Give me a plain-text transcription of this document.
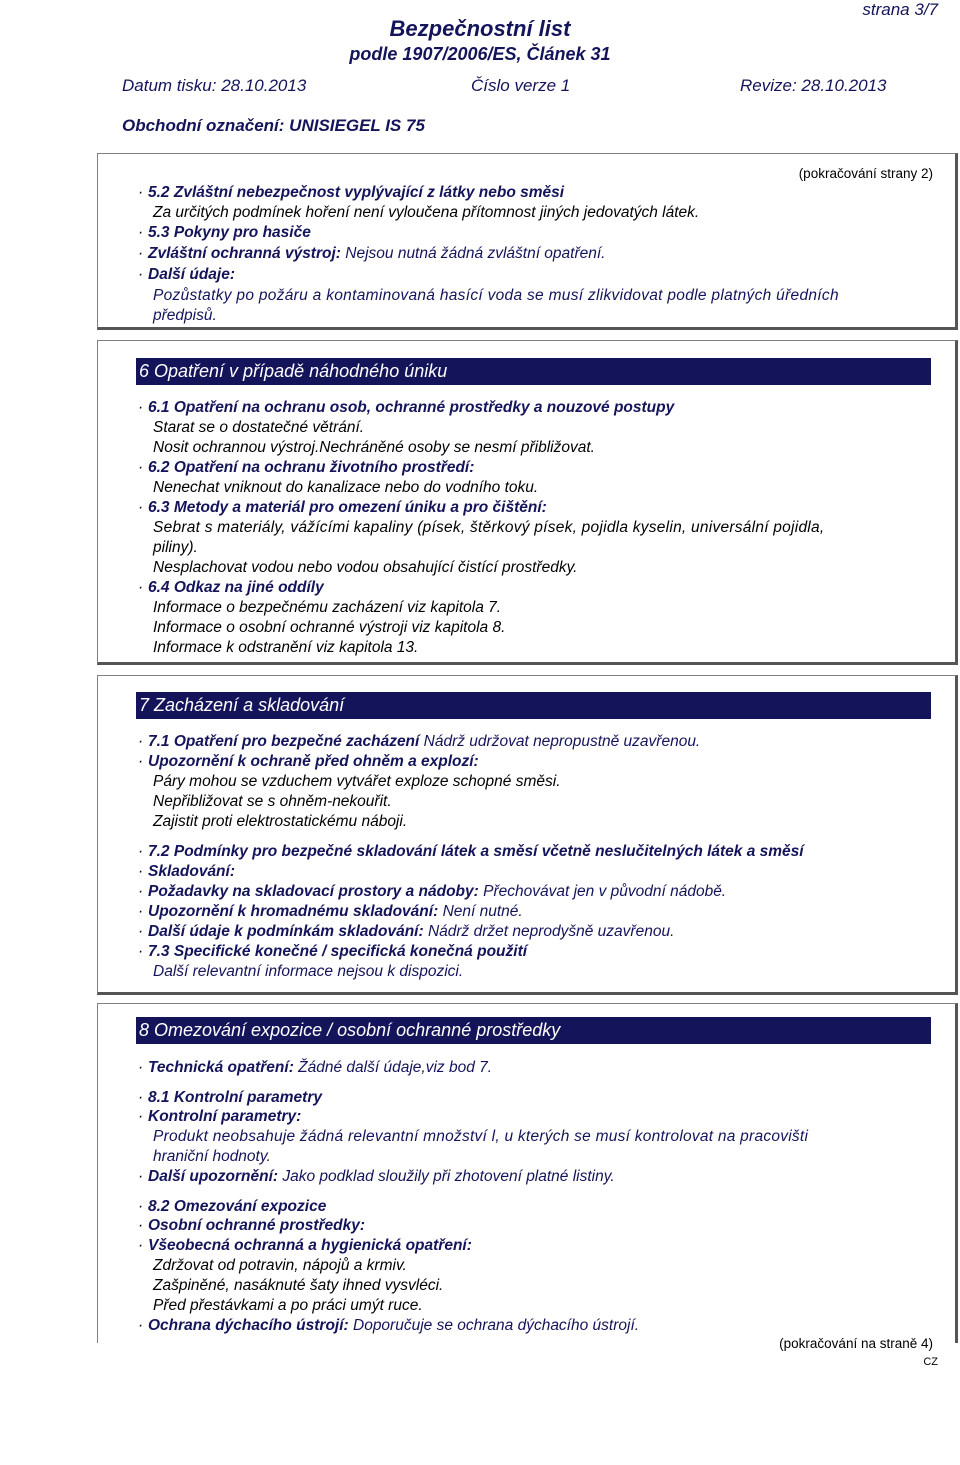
strana 3/7
Bezpečnostní list
podle 1907/2006/ES, Článek 31
Datum tisku: 28.10.2013	Číslo verze 1	Revize: 28.10.2013
Obchodní označení: UNISIEGEL IS 75
(pokračování strany 2)
· 5.2 Zvláštní nebezpečnost vyplývající z látky nebo směsi
Za určitých podmínek hoření není vyloučena přítomnost jiných jedovatých látek.
· 5.3 Pokyny pro hasiče
· Zvláštní ochranná výstroj: Nejsou nutná žádná zvláštní opatření.
· Další údaje:
Pozůstatky po požáru a kontaminovaná hasící voda se musí zlikvidovat podle platných úředních
předpisů.
6 Opatření v případě náhodného úniku
· 6.1 Opatření na ochranu osob, ochranné prostředky a nouzové postupy
Starat se o dostatečné větrání.
Nosit ochrannou výstroj.Nechráněné osoby se nesmí přibližovat.
· 6.2 Opatření na ochranu životního prostředí:
Nenechat vniknout do kanalizace nebo do vodního toku.
· 6.3 Metody a materiál pro omezení úniku a pro čištění:
Sebrat s materiály, vážícími kapaliny (písek, štěrkový písek, pojidla kyselin, universální pojidla,
piliny).
Nesplachovat vodou nebo vodou obsahující čistící prostředky.
· 6.4 Odkaz na jiné oddíly
Informace o bezpečnému zacházení viz kapitola 7.
Informace o osobní ochranné výstroji viz kapitola 8.
Informace k odstranění viz kapitola 13.
7 Zacházení a skladování
· 7.1 Opatření pro bezpečné zacházení Nádrž udržovat nepropustně uzavřenou.
· Upozornění k ochraně před ohněm a explozí:
Páry mohou se vzduchem vytvářet exploze schopné směsi.
Nepřibližovat se s ohněm-nekouřit.
Zajistit proti elektrostatickému náboji.
· 7.2 Podmínky pro bezpečné skladování látek a směsí včetně neslučitelných látek a směsí
· Skladování:
· Požadavky na skladovací prostory a nádoby: Přechovávat jen v původní nádobě.
· Upozornění k hromadnému skladování: Není nutné.
· Další údaje k podmínkám skladování: Nádrž držet neprodyšně uzavřenou.
· 7.3 Specifické konečné / specifická konečná použití
Další relevantní informace nejsou k dispozici.
8 Omezování expozice / osobní ochranné prostředky
· Technická opatření: Žádné další údaje,viz bod 7.
· 8.1 Kontrolní parametry
· Kontrolní parametry:
Produkt neobsahuje žádná relevantní množství l, u kterých se musí kontrolovat na pracovišti
hraniční hodnoty.
· Další upozornění: Jako podklad sloužily při zhotovení platné listiny.
· 8.2 Omezování expozice
· Osobní ochranné prostředky:
· Všeobecná ochranná a hygienická opatření:
Zdržovat od potravin, nápojů a krmiv.
Zašpiněné, nasáknuté šaty ihned vysvléci.
Před přestávkami a po práci umýt ruce.
· Ochrana dýchacího ústrojí: Doporučuje se ochrana dýchacího ústrojí.
(pokračování na straně 4)
CZ
